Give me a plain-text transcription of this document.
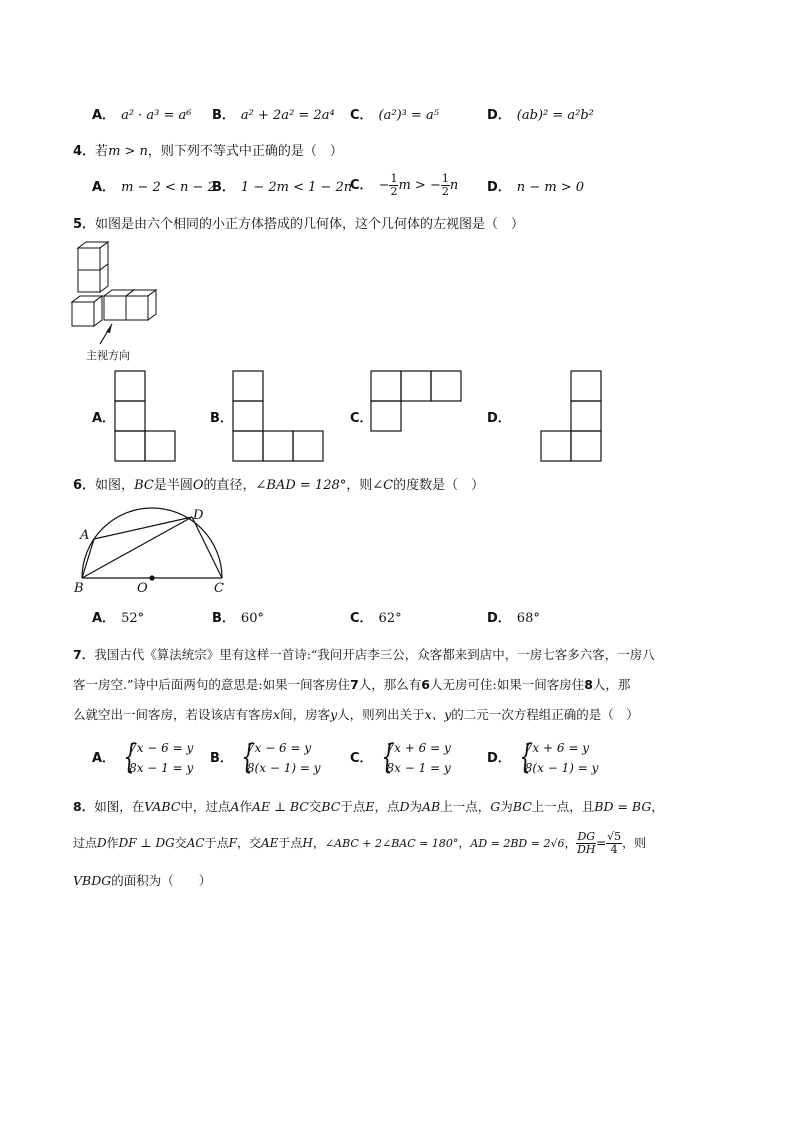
A． a² · a³ = a⁶ B． a² + 2a² = 2a⁴ C． (a²)³ = a⁵	D． (ab)² = a²b²
4．若m > n，则下列不等式中正确的是（　）
A． m − 2 < n − 2
B． 1 − 2m < 1 − 2n
C． − $\frac{1}{2}$ m > − $\frac{1}{2}$ n D． n − m > 0
5．如图是由六个相同的小正方体搭成的几何体，这个几何体的左视图是（　）
主视方向
A．	B．	C．	D．
6．如图，BC是半圆O的直径，∠BAD = 128°，则∠C的度数是（　）
A
B	O	C
D
A． 52°	B． 60°	C． 62°	D． 68°
7．我国古代《算法统宗》里有这样一首诗:“我问开店李三公，众客都来到店中，一房七客多六客，一房八
客一房空.”诗中后面两句的意思是:如果一间客房住7人，那么有6人无房可住:如果一间客房住8人，那
么就空出一间客房，若设该店有客房x间，房客y人，则列出关于x、y的二元一次方程组正确的是（　）
A．
{ 7x − 6 = y
8x − 1 = y
B．
{ 7x − 6 = y
8(x − 1) = y
C．
{ 7x + 6 = y
8x − 1 = y
D．
{ 7x + 6 = y
8(x − 1) = y
8．如图，在VABC中，过点A作AE ⊥ BC交BC于点E，点D为AB上一点，G为BC上一点，且BD = BG，
过点D作DF ⊥ DG交AC于点F，交AE于点H，∠ABC + 2∠BAC = 180°，AD = 2BD = 2√6， $\frac{DG}{DH} = \frac{√5}{4}$ ，则
VBDG的面积为（　　）
